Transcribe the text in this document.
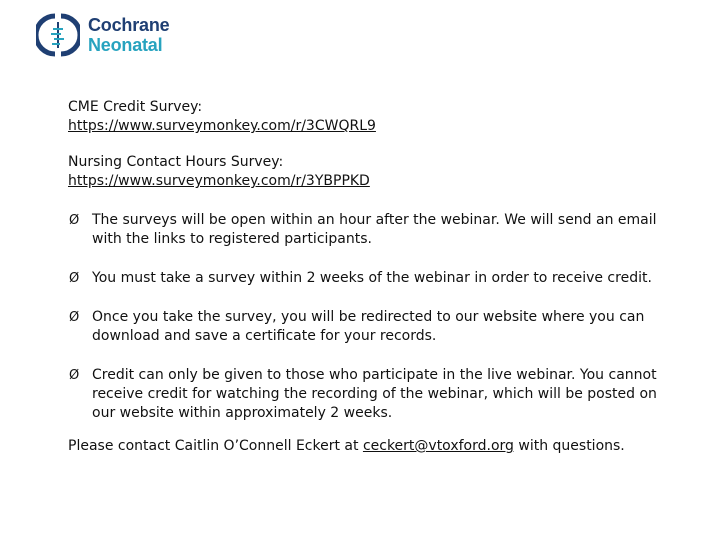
Cochrane
Neonatal
CME Credit Survey:
https://www.surveymonkey.com/r/3CWQRL9
Nursing Contact Hours Survey:
https://www.surveymonkey.com/r/3YBPPKD
Ø The surveys will be open within an hour after the webinar. We will send an email with the links to registered participants.
Ø You must take a survey within 2 weeks of the webinar in order to receive credit.
Ø Once you take the survey, you will be redirected to our website where you can download and save a certificate for your records.
Ø Credit can only be given to those who participate in the live webinar. You cannot receive credit for watching the recording of the webinar, which will be posted on our website within approximately 2 weeks.
Please contact Caitlin O’Connell Eckert at ceckert@vtoxford.org with questions.
